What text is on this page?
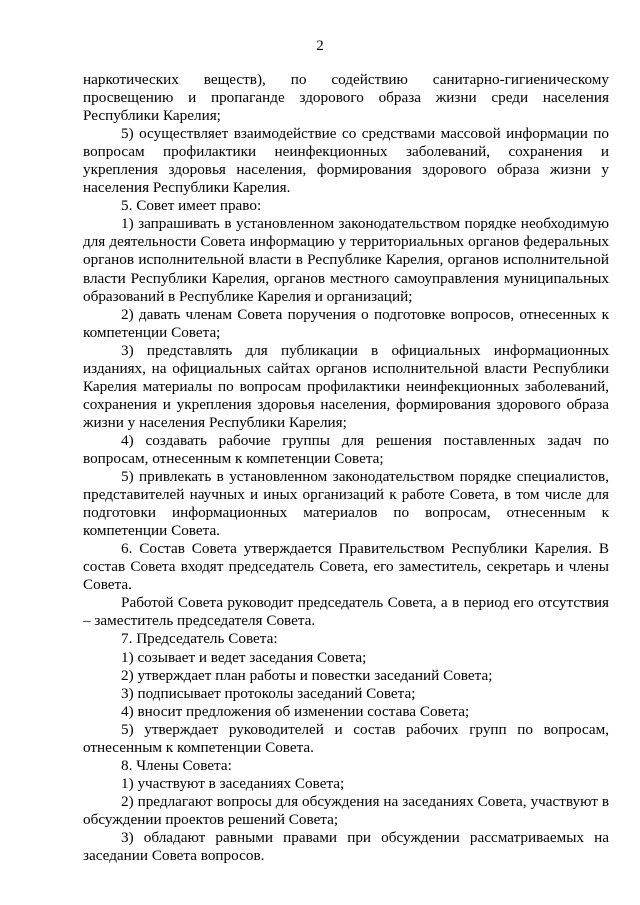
2

наркотических веществ), по содействию санитарно-гигиеническому просвещению и пропаганде здорового образа жизни среди населения Республики Карелия;

5) осуществляет взаимодействие со средствами массовой информации по вопросам профилактики неинфекционных заболеваний, сохранения и укрепления здоровья населения, формирования здорового образа жизни у населения Республики Карелия.

5. Совет имеет право:

1) запрашивать в установленном законодательством порядке необходимую для деятельности Совета информацию у территориальных органов федеральных органов исполнительной власти в Республике Карелия, органов исполнительной власти Республики Карелия, органов местного самоуправления муниципальных образований в Республике Карелия и организаций;

2) давать членам Совета поручения о подготовке вопросов, отнесенных к компетенции Совета;

3) представлять для публикации в официальных информационных изданиях, на официальных сайтах органов исполнительной власти Республики Карелия материалы по вопросам профилактики неинфекционных заболеваний, сохранения и укрепления здоровья населения, формирования здорового образа жизни у населения Республики Карелия;

4) создавать рабочие группы для решения поставленных задач по вопросам, отнесенным к компетенции Совета;

5) привлекать в установленном законодательством порядке специалистов, представителей научных и иных организаций к работе Совета, в том числе для подготовки информационных материалов по вопросам, отнесенным к компетенции Совета.

6. Состав Совета утверждается Правительством Республики Карелия. В состав Совета входят председатель Совета, его заместитель, секретарь и члены Совета.

Работой Совета руководит председатель Совета, а в период его отсутствия – заместитель председателя Совета.

7. Председатель Совета:

1) созывает и ведет заседания Совета;

2) утверждает план работы и повестки заседаний Совета;

3) подписывает протоколы заседаний Совета;

4) вносит предложения об изменении состава Совета;

5) утверждает руководителей и состав рабочих групп по вопросам, отнесенным к компетенции Совета.

8. Члены Совета:

1) участвуют в заседаниях Совета;

2) предлагают вопросы для обсуждения на заседаниях Совета, участвуют в обсуждении проектов решений Совета;

3) обладают равными правами при обсуждении рассматриваемых на заседании Совета вопросов.
